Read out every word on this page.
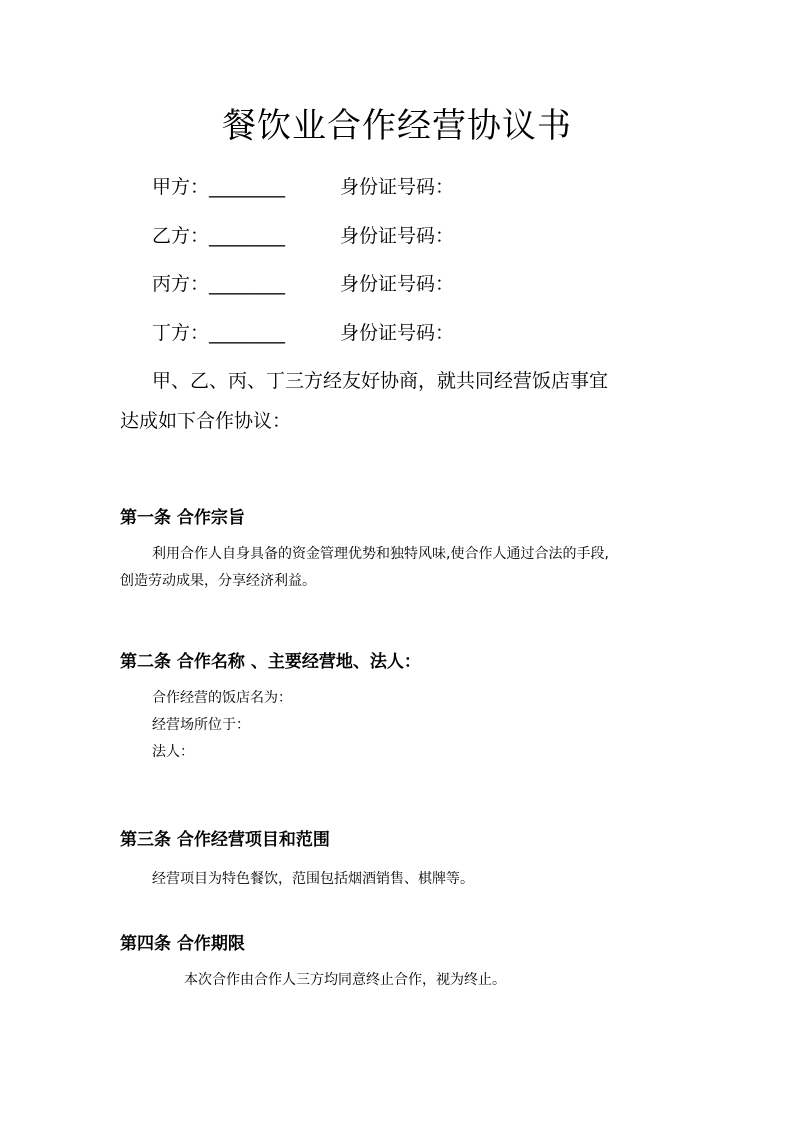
餐饮业合作经营协议书
甲方：________	身份证号码：
乙方：________	身份证号码：
丙方：________	身份证号码：
丁方：________	身份证号码：
甲、乙、丙、丁三方经友好协商，就共同经营饭店事宜
达成如下合作协议：
第一条 合作宗旨
利用合作人自身具备的资金管理优势和独特风味,使合作人通过合法的手段,
创造劳动成果，分享经济利益。
第二条 合作名称 、主要经营地、法人：
合作经营的饭店名为：
经营场所位于：
法人：
第三条 合作经营项目和范围
经营项目为特色餐饮，范围包括烟酒销售、棋牌等。
第四条 合作期限
本次合作由合作人三方均同意终止合作，视为终止。
